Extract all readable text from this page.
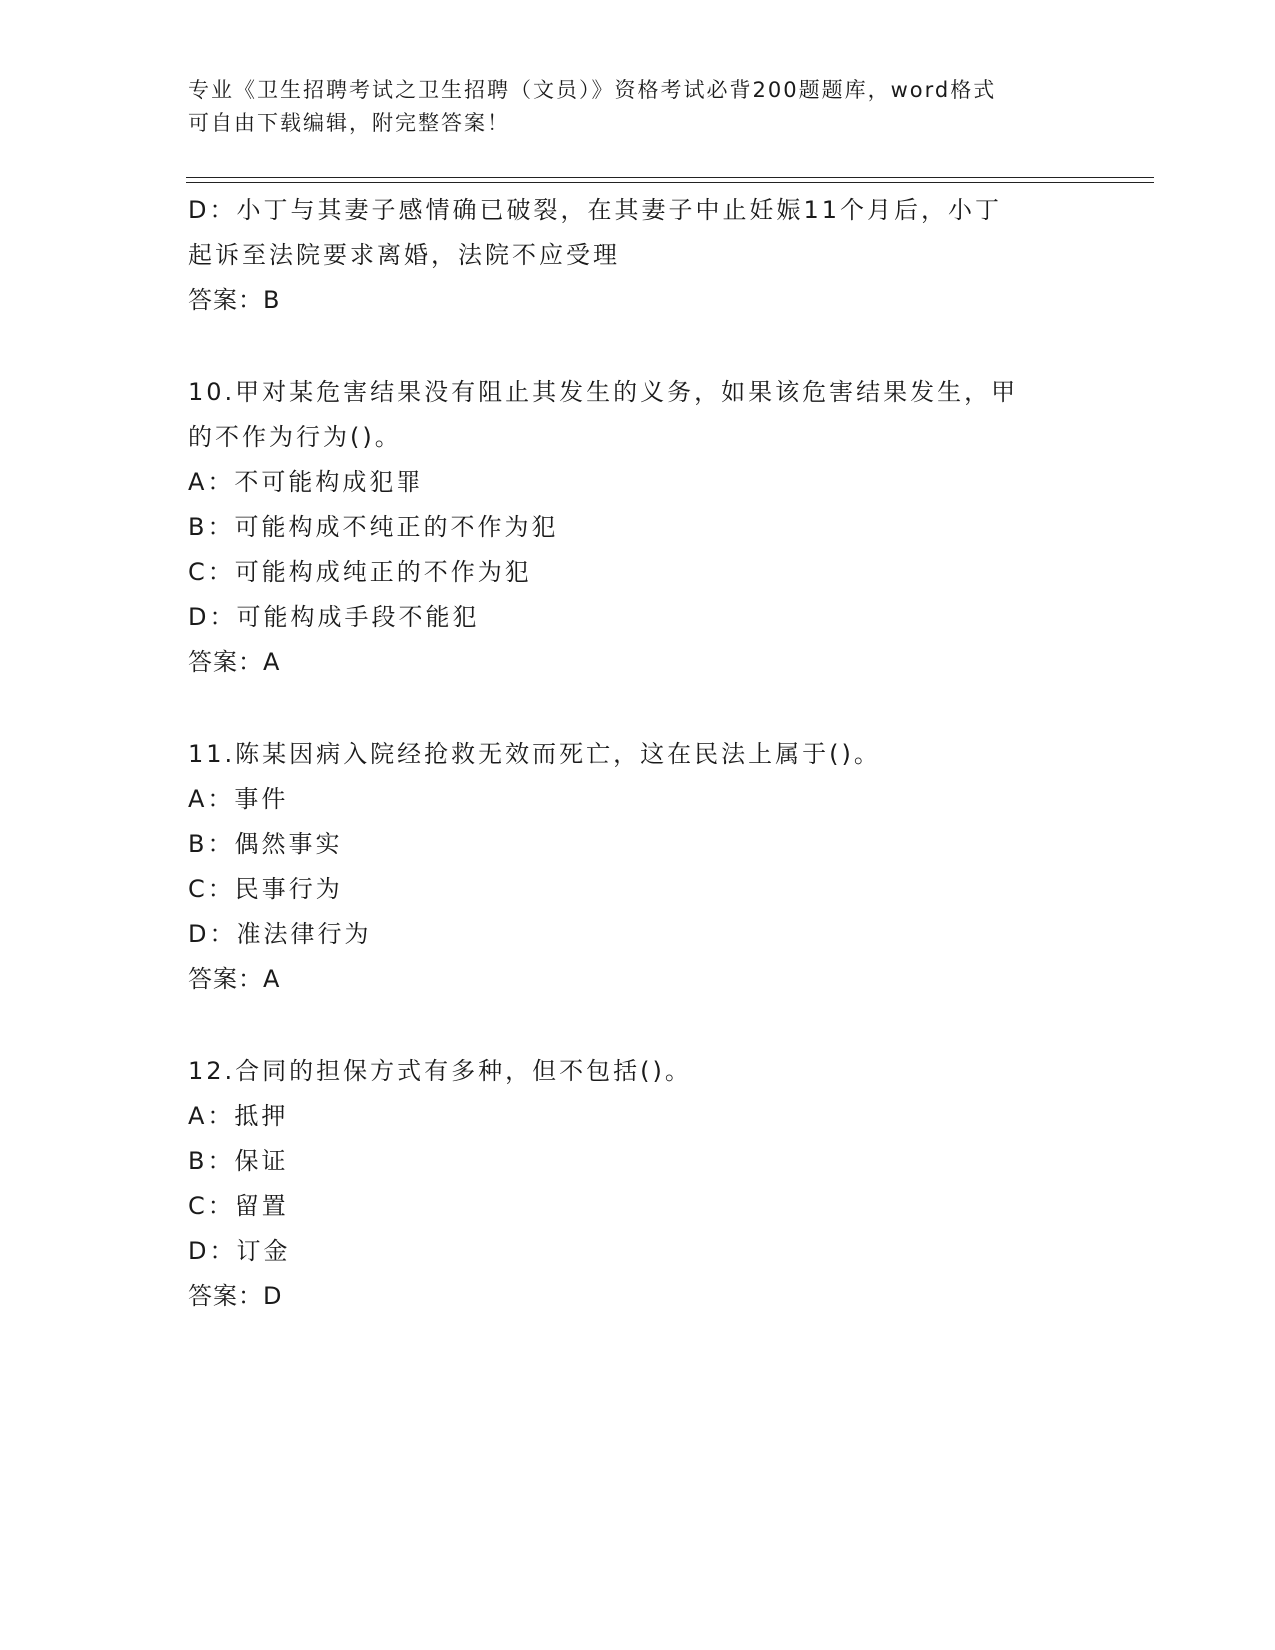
专业《卫生招聘考试之卫生招聘（文员）》资格考试必背200题题库，word格式
可自由下载编辑，附完整答案！
D：小丁与其妻子感情确已破裂，在其妻子中止妊娠11个月后，小丁
起诉至法院要求离婚，法院不应受理
答案：B
10.甲对某危害结果没有阻止其发生的义务，如果该危害结果发生，甲
的不作为行为()。
A：不可能构成犯罪
B：可能构成不纯正的不作为犯
C：可能构成纯正的不作为犯
D：可能构成手段不能犯
答案：A
11.陈某因病入院经抢救无效而死亡，这在民法上属于()。
A：事件
B：偶然事实
C：民事行为
D：准法律行为
答案：A
12.合同的担保方式有多种，但不包括()。
A：抵押
B：保证
C：留置
D：订金
答案：D
